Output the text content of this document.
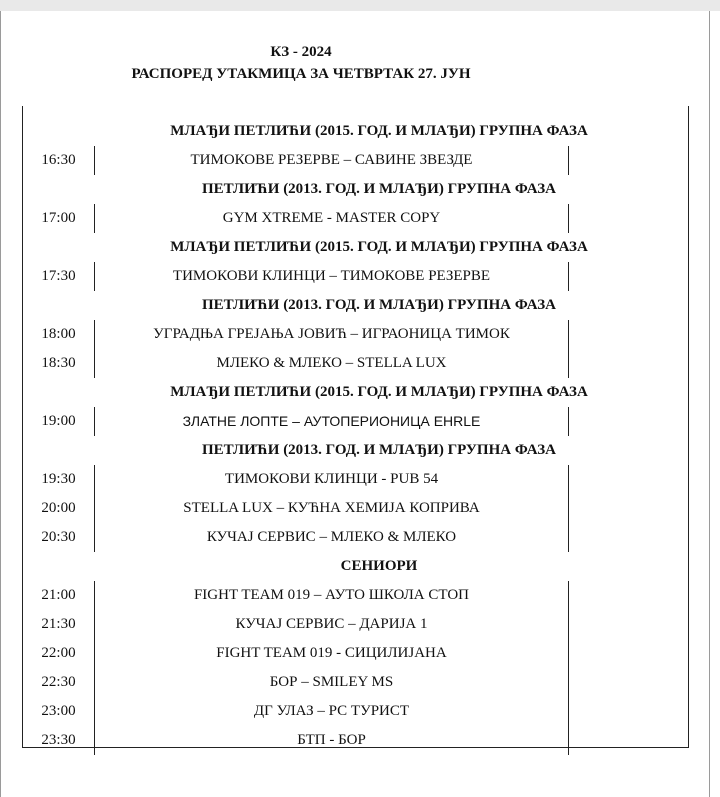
КЗ - 2024
РАСПОРЕД УТАКМИЦА ЗА ЧЕТВРТАК 27. ЈУН
МЛАЂИ ПЕТЛИЋИ (2015. ГОД. И МЛАЂИ) ГРУПНА ФАЗА
16:30	ТИМОКОВЕ РЕЗЕРВЕ – САВИНЕ ЗВЕЗДЕ
ПЕТЛИЋИ (2013. ГОД. И МЛАЂИ) ГРУПНА ФАЗА
17:00	GYM XTREME - MASTER COPY
МЛАЂИ ПЕТЛИЋИ (2015. ГОД. И МЛАЂИ) ГРУПНА ФАЗА
17:30	ТИМОКОВИ КЛИНЦИ – ТИМОКОВЕ РЕЗЕРВЕ
ПЕТЛИЋИ (2013. ГОД. И МЛАЂИ) ГРУПНА ФАЗА
18:00	УГРАДЊА ГРЕЈАЊА ЈОВИЋ – ИГРАОНИЦА ТИМОК
18:30	МЛЕКО & МЛЕКО – STELLA LUX
МЛАЂИ ПЕТЛИЋИ (2015. ГОД. И МЛАЂИ) ГРУПНА ФАЗА
19:00	ЗЛАТНЕ ЛОПТЕ – АУТОПЕРИОНИЦА EHRLE
ПЕТЛИЋИ (2013. ГОД. И МЛАЂИ) ГРУПНА ФАЗА
19:30	ТИМОКОВИ КЛИНЦИ - PUB 54
20:00	STELLA LUX – КУЋНА ХЕМИЈА КОПРИВА
20:30	КУЧАЈ СЕРВИС – МЛЕКО & МЛЕКО
СЕНИОРИ
21:00	FIGHT TEAM 019 – АУТО ШКОЛА СТОП
21:30	КУЧАЈ СЕРВИС – ДАРИЈА 1
22:00	FIGHT TEAM 019 - СИЦИЛИЈАНА
22:30	БОР – SMILEY MS
23:00	ДГ УЛАЗ – РС ТУРИСТ
23:30	БТП - БОР
